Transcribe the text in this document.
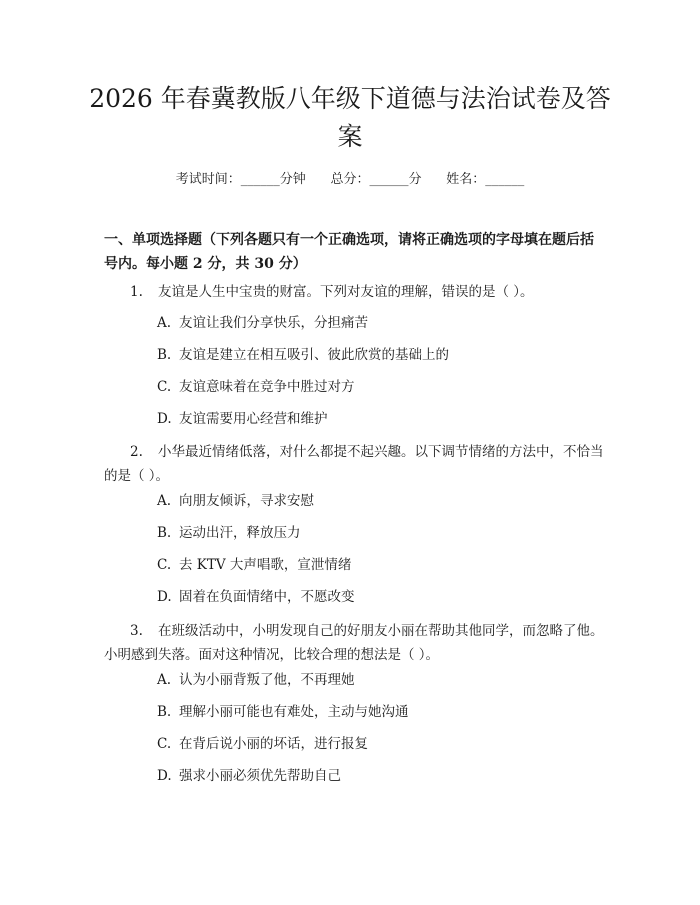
2026 年春冀教版八年级下道德与法治试卷及答案
考试时间：______分钟      总分：______分      姓名：______

一、单项选择题（下列各题只有一个正确选项，请将正确选项的字母填在题后括号内。每小题 2 分，共 30 分）

1. 友谊是人生中宝贵的财富。下列对友谊的理解，错误的是（ ）。

A. 友谊让我们分享快乐，分担痛苦

B. 友谊是建立在相互吸引、彼此欣赏的基础上的

C. 友谊意味着在竞争中胜过对方

D. 友谊需要用心经营和维护

2. 小华最近情绪低落，对什么都提不起兴趣。以下调节情绪的方法中，不恰当的是（ ）。

A. 向朋友倾诉，寻求安慰

B. 运动出汗，释放压力

C. 去 KTV 大声唱歌，宣泄情绪

D. 固着在负面情绪中，不愿改变

3. 在班级活动中，小明发现自己的好朋友小丽在帮助其他同学，而忽略了他。小明感到失落。面对这种情况，比较合理的想法是（ ）。

A. 认为小丽背叛了他，不再理她

B. 理解小丽可能也有难处，主动与她沟通

C. 在背后说小丽的坏话，进行报复

D. 强求小丽必须优先帮助自己
